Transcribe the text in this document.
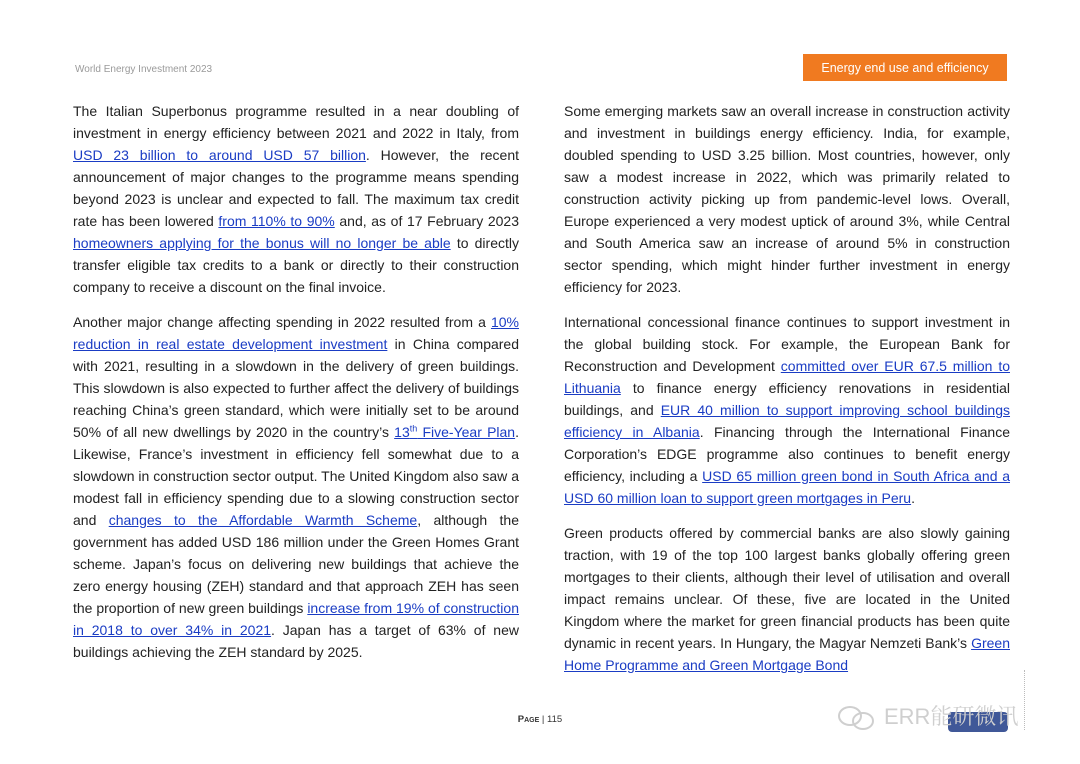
World Energy Investment 2023	Energy end use and efficiency

The Italian Superbonus programme resulted in a near doubling of investment in energy efficiency between 2021 and 2022 in Italy, from USD 23 billion to around USD 57 billion. However, the recent announcement of major changes to the programme means spending beyond 2023 is unclear and expected to fall. The maximum tax credit rate has been lowered from 110% to 90% and, as of 17 February 2023 homeowners applying for the bonus will no longer be able to directly transfer eligible tax credits to a bank or directly to their construction company to receive a discount on the final invoice.

Another major change affecting spending in 2022 resulted from a 10% reduction in real estate development investment in China compared with 2021, resulting in a slowdown in the delivery of green buildings. This slowdown is also expected to further affect the delivery of buildings reaching China’s green standard, which were initially set to be around 50% of all new dwellings by 2020 in the country’s 13th Five-Year Plan. Likewise, France’s investment in efficiency fell somewhat due to a slowdown in construction sector output. The United Kingdom also saw a modest fall in efficiency spending due to a slowing construction sector and changes to the Affordable Warmth Scheme, although the government has added USD 186 million under the Green Homes Grant scheme. Japan’s focus on delivering new buildings that achieve the zero energy housing (ZEH) standard and that approach ZEH has seen the proportion of new green buildings increase from 19% of construction in 2018 to over 34% in 2021. Japan has a target of 63% of new buildings achieving the ZEH standard by 2025.

Some emerging markets saw an overall increase in construction activity and investment in buildings energy efficiency. India, for example, doubled spending to USD 3.25 billion. Most countries, however, only saw a modest increase in 2022, which was primarily related to construction activity picking up from pandemic-level lows. Overall, Europe experienced a very modest uptick of around 3%, while Central and South America saw an increase of around 5% in construction sector spending, which might hinder further investment in energy efficiency for 2023.

International concessional finance continues to support investment in the global building stock. For example, the European Bank for Reconstruction and Development committed over EUR 67.5 million to Lithuania to finance energy efficiency renovations in residential buildings, and EUR 40 million to support improving school buildings efficiency in Albania. Financing through the International Finance Corporation’s EDGE programme also continues to benefit energy efficiency, including a USD 65 million green bond in South Africa and a USD 60 million loan to support green mortgages in Peru.

Green products offered by commercial banks are also slowly gaining traction, with 19 of the top 100 largest banks globally offering green mortgages to their clients, although their level of utilisation and overall impact remains unclear. Of these, five are located in the United Kingdom where the market for green financial products has been quite dynamic in recent years. In Hungary, the Magyar Nemzeti Bank’s Green Home Programme and Green Mortgage Bond

Page | 115	ERR能研微讯
